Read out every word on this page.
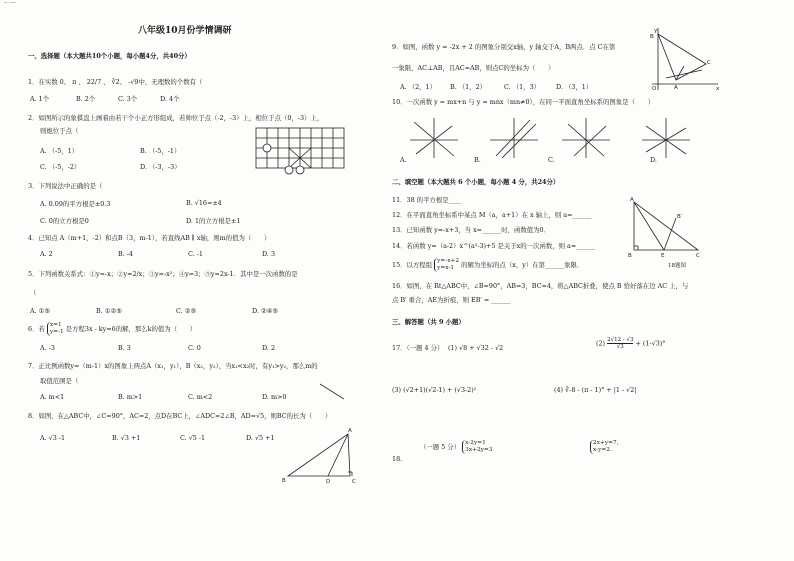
⌐ ──
八年级10月份学情调研
一、选择题（本大题共10个小题，每小题4分，共40分）
1．在实数 0、 π 、 22/7 、 ∛2、 -√9中，无理数的个数有（
A. 1个	B. 2个	C. 3个	D. 4个
2．如图所示的象棋盘上画着由若干个小正方形组成，若帅位于点（-2，-3）上，相位于点（0，-3）上，
则炮位于点（
A. （-5，1）	B. （-5，-1）
C. （-5，-2）	D. （-3，-3）
3．下列说法中正确的是（
A. 0.09的平方根是±0.3	B. √16=±4
C. 0的立方根是0	D. 1的立方根是±1
4．已知点 A（m+1，-2）和点B（3，m-1），若直线AB ∥ x轴，则m的值为（　　）
A. 2	B. -4	C. -1	D. 3
5．下列函数关系式：①y=-x；②y=2/x；③y=-x²；④y=3；⑤y=2x-1．其中是一次函数的是
（
A. ①⑤	B. ①②⑤	C. ②⑤	D. ②④⑤
6．若 x=1
y=-1 是方程3x - ky=6的解，那么k的值为（　　）
A. -3	B. 3	C. 0	D. 2
7．正比例函数y=（m-1）x的图象上两点A（x₁，y₁），B（x₂，y₂），当x₁<x₂时，有y₁>y₂，那么m的
取值范围是（
A. m<1	B. m>1	C. m<2	D. m>0
8．如图，在△ABC中，∠C=90°，AC=2，点D在BC上，∠ADC=2∠B，AD=√5，则BC的长为（　　）
A. √3 -1	B. √3 +1	C. √5 -1	D. √5 +1
B	D	C
A
9．如图，函数 y = -2x + 2 的图象分别交x轴、y 轴交于A，B两点．点 C在第
一象限，AC⊥AB，且AC=AB，则点C的坐标为（　　）
A. （2，1） B. （1，2）	C. （1，3） D. （3，1）
y
x
O
B
A
C
10．一次函数 y = mx+n 与 y = mnx（mn≠0），在同一平面直角坐标系的图象是（　　）
A.	B.	C.	D.
二、填空题（本大题共 6 个小题，每小题 4 分，共24分）
11．38 的平方根是____
12．在平面直角坐标系中某点 M（a，a+1）在 x 轴上，则 a=______
13．已知函数 y=-x+3，当 x=______时，函数值为0．
14．若函数 y=（a-2）x^(a²-3)+5 是关于x的一次函数，则 a=______
15．以方程组 y=-x+2
y=x-1	的解为坐标的点（x，y）在第______象限．
16．如图，在 Rt△ABC中，∠B=90°，AB=3，BC=4，将△ABC折叠，使点 B 恰好落在边 AC 上，与
点 B′ 重合，AE为折痕，则 EB′ = ______
A
B	E	C
B′
18题图
三、解答题（共 9 小题）
17．（一题 4 分） (1) √8 + √32 - √2
$(2) \frac{2√12 - √3}{√3} + (1-√3)^\circ$
(3) (√2+1)(√2-1) + (√3-2)²	(4) ∛-8 - (π - 1)° + |1 - √2|
18.
（一题 5 分） x-2y=1
3x+2y=3
2x+y=7,
x-y=2.
